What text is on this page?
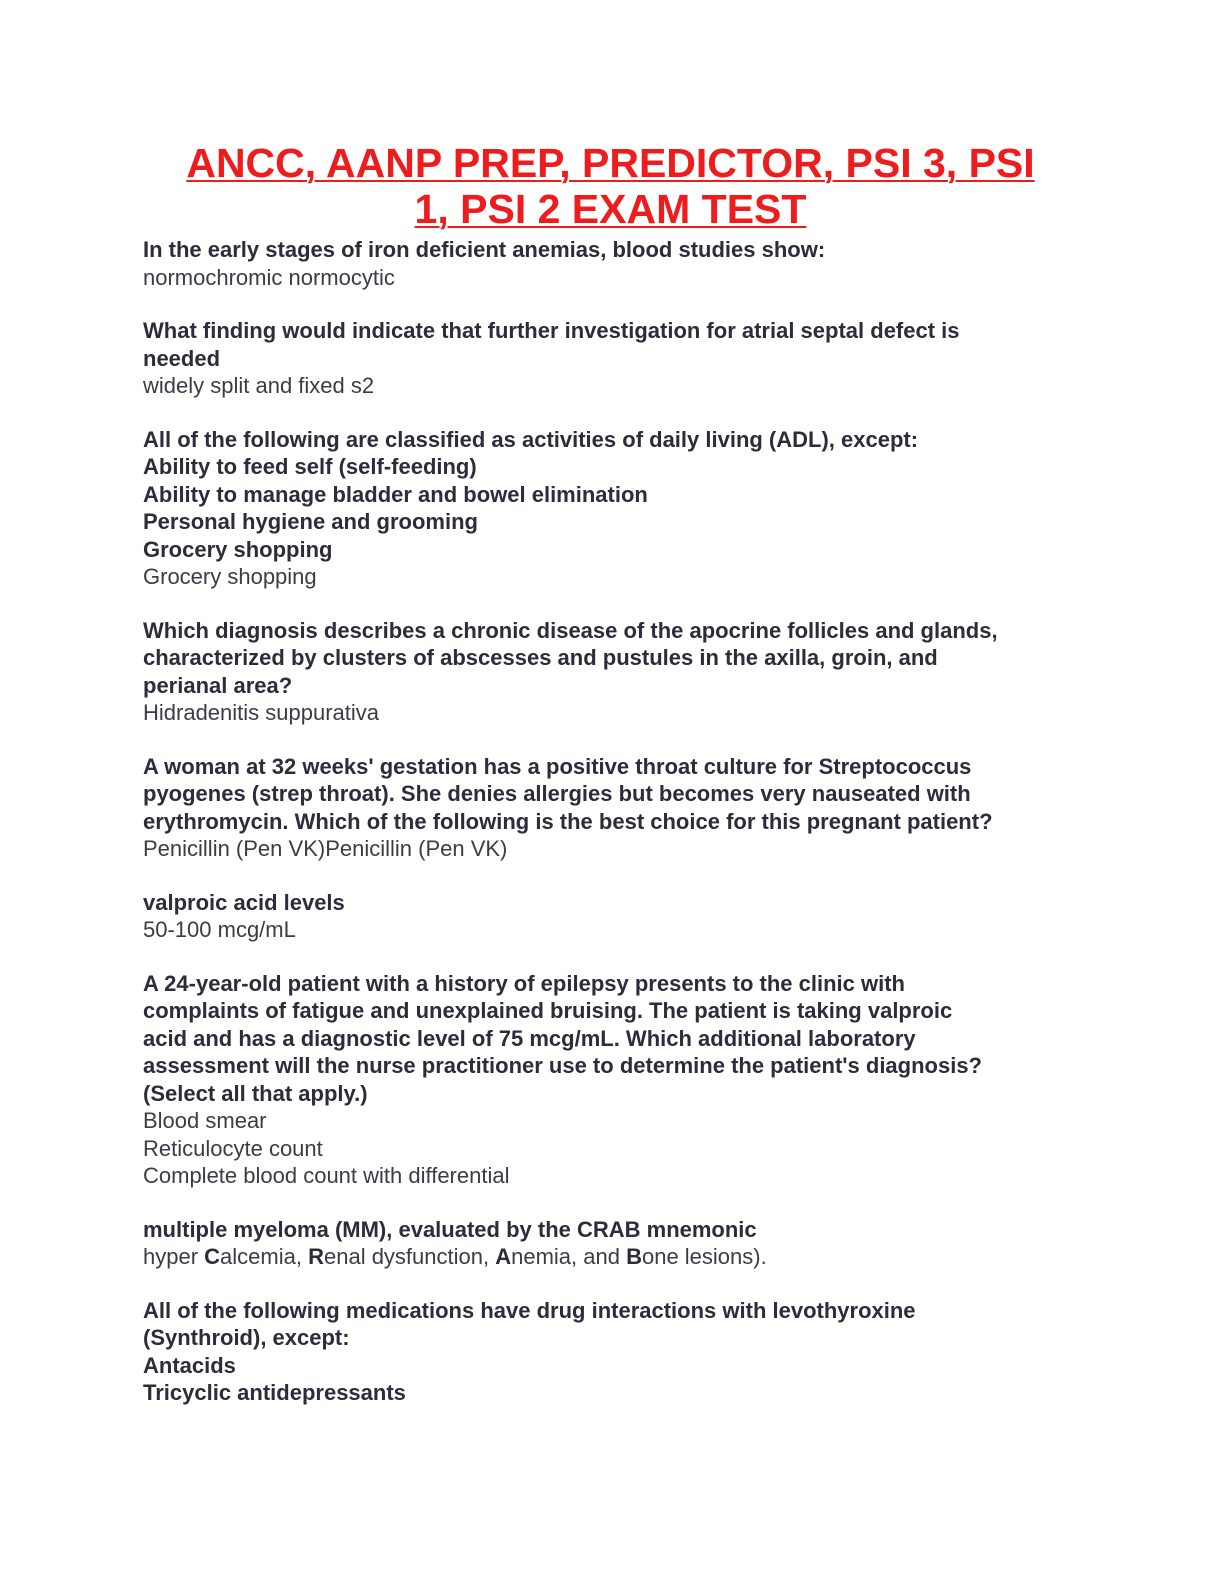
ANCC, AANP PREP, PREDICTOR, PSI 3, PSI
1, PSI 2 EXAM TEST
In the early stages of iron deficient anemias, blood studies show:
normochromic normocytic
What finding would indicate that further investigation for atrial septal defect is
needed
widely split and fixed s2
All of the following are classified as activities of daily living (ADL), except:
Ability to feed self (self-feeding)
Ability to manage bladder and bowel elimination
Personal hygiene and grooming
Grocery shopping
Grocery shopping
Which diagnosis describes a chronic disease of the apocrine follicles and glands,
characterized by clusters of abscesses and pustules in the axilla, groin, and
perianal area?
Hidradenitis suppurativa
A woman at 32 weeks' gestation has a positive throat culture for Streptococcus
pyogenes (strep throat). She denies allergies but becomes very nauseated with
erythromycin. Which of the following is the best choice for this pregnant patient?
Penicillin (Pen VK)Penicillin (Pen VK)
valproic acid levels
50-100 mcg/mL
A 24-year-old patient with a history of epilepsy presents to the clinic with
complaints of fatigue and unexplained bruising. The patient is taking valproic
acid and has a diagnostic level of 75 mcg/mL. Which additional laboratory
assessment will the nurse practitioner use to determine the patient's diagnosis?
(Select all that apply.)
Blood smear
Reticulocyte count
Complete blood count with differential
multiple myeloma (MM), evaluated by the CRAB mnemonic
hyper Calcemia, Renal dysfunction, Anemia, and Bone lesions).
All of the following medications have drug interactions with levothyroxine
(Synthroid), except:
Antacids
Tricyclic antidepressants
